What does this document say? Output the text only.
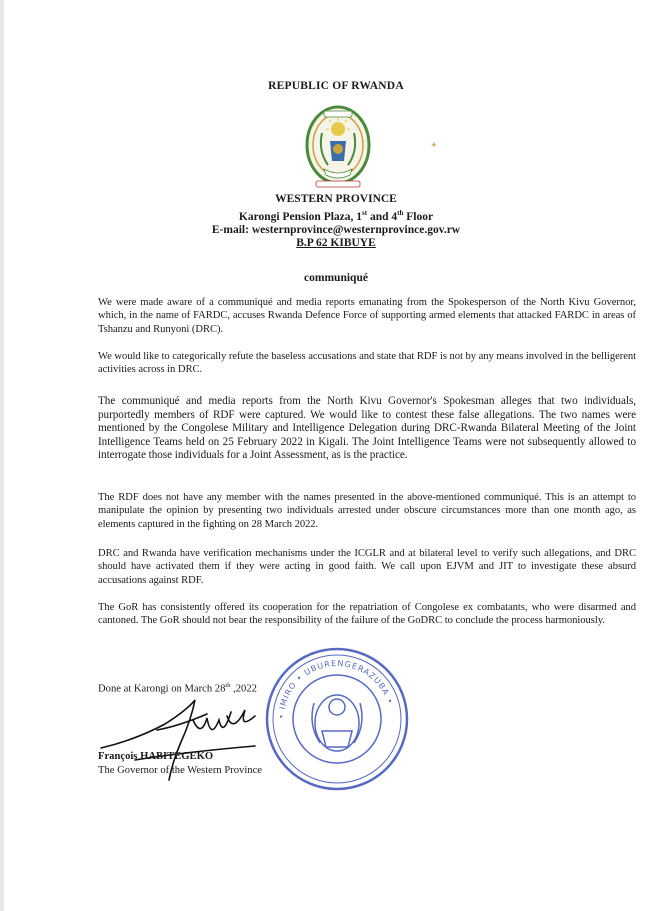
REPUBLIC OF RWANDA
✦
WESTERN PROVINCE
Karongi Pension Plaza, 1st and 4th Floor
E-mail: westernprovince@westernprovince.gov.rw
B.P 62 KIBUYE
communiqué
We were made aware of a communiqué and media reports emanating from the Spokesperson of the North Kivu Governor, which, in the name of FARDC, accuses Rwanda Defence Force of supporting armed elements that attacked FARDC in areas of Tshanzu and Runyoni (DRC).
We would like to categorically refute the baseless accusations and state that RDF is not by any means involved in the belligerent activities across in DRC.
The communiqué and media reports from the North Kivu Governor's Spokesman alleges that two individuals, purportedly members of RDF were captured. We would like to contest these false allegations. The two names were mentioned by the Congolese Military and Intelligence Delegation during DRC-Rwanda Bilateral Meeting of the Joint Intelligence Teams held on 25 February 2022 in Kigali. The Joint Intelligence Teams were not subsequently allowed to interrogate those individuals for a Joint Assessment, as is the practice.
The RDF does not have any member with the names presented in the above-mentioned communiqué. This is an attempt to manipulate the opinion by presenting two individuals arrested under obscure circumstances more than one month ago, as elements captured in the fighting on 28 March 2022.
DRC and Rwanda have verification mechanisms under the ICGLR and at bilateral level to verify such allegations, and DRC should have activated them if they were acting in good faith. We call upon EJVM and JIT to investigate these absurd accusations against RDF.
The GoR has consistently offered its cooperation for the repatriation of Congolese ex combatants, who were disarmed and cantoned. The GoR should not bear the responsibility of the failure of the GoDRC to conclude the process harmoniously.
Done at Karongi on March 28th ,2022
• IMIRO • UBURENGERAZUBA •
François HABITEGEKO
The Governor of the Western Province
